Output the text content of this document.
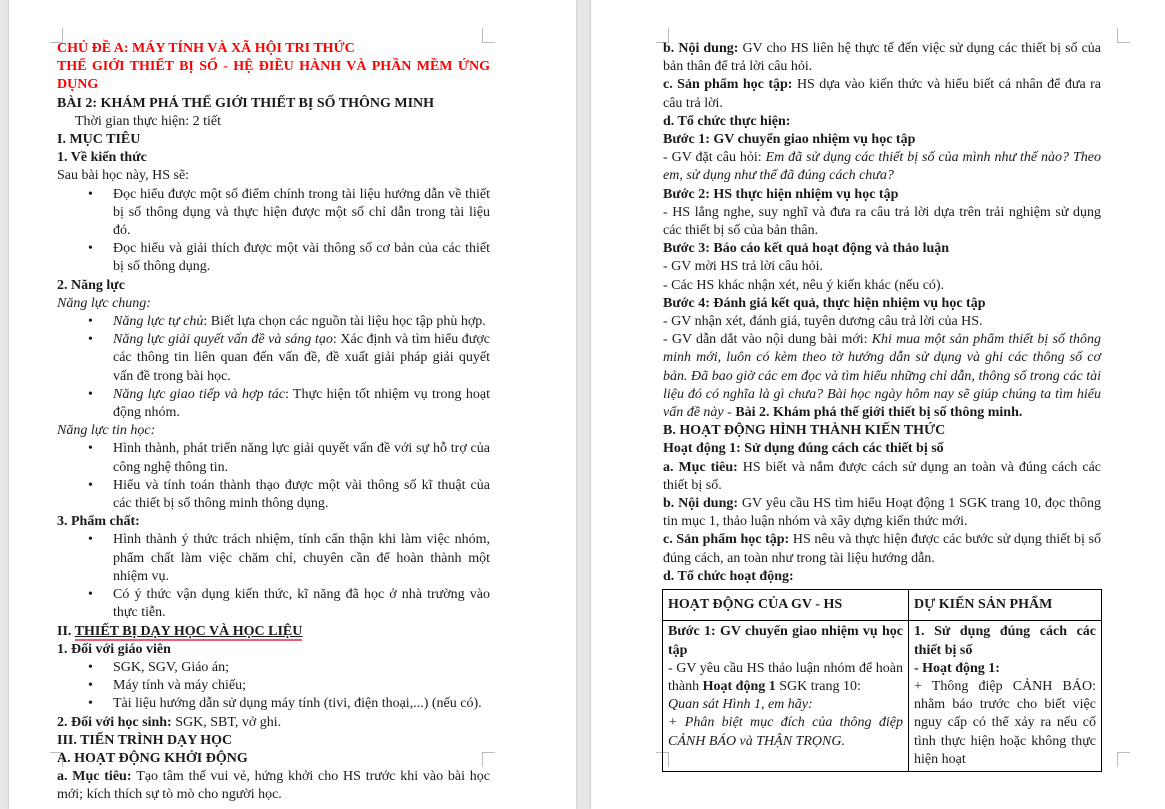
CHỦ ĐỀ A: MÁY TÍNH VÀ XÃ HỘI TRI THỨC
THẾ GIỚI THIẾT BỊ SỐ - HỆ ĐIỀU HÀNH VÀ PHẦN MỀM ỨNG DỤNG
BÀI 2: KHÁM PHÁ THẾ GIỚI THIẾT BỊ SỐ THÔNG MINH
Thời gian thực hiện: 2 tiết
I. MỤC TIÊU
1. Về kiến thức
Sau bài học này, HS sẽ:
• Đọc hiểu được một số điểm chính trong tài liệu hướng dẫn về thiết bị số thông dụng và thực hiện được một số chỉ dẫn trong tài liệu đó.
• Đọc hiểu và giải thích được một vài thông số cơ bản của các thiết bị số thông dụng.
2. Năng lực
Năng lực chung:
• Năng lực tự chủ: Biết lựa chọn các nguồn tài liệu học tập phù hợp.
• Năng lực giải quyết vấn đề và sáng tạo: Xác định và tìm hiểu được các thông tin liên quan đến vấn đề, đề xuất giải pháp giải quyết vấn đề trong bài học.
• Năng lực giao tiếp và hợp tác: Thực hiện tốt nhiệm vụ trong hoạt động nhóm.
Năng lực tin học:
• Hình thành, phát triển năng lực giải quyết vấn đề với sự hỗ trợ của công nghệ thông tin.
• Hiểu và tính toán thành thạo được một vài thông số kĩ thuật của các thiết bị số thông minh thông dụng.
3. Phẩm chất:
• Hình thành ý thức trách nhiệm, tính cẩn thận khi làm việc nhóm, phẩm chất làm việc chăm chỉ, chuyên cần để hoàn thành một nhiệm vụ.
• Có ý thức vận dụng kiến thức, kĩ năng đã học ở nhà trường vào thực tiễn.
II. THIẾT BỊ DẠY HỌC VÀ HỌC LIỆU
1. Đối với giáo viên
• SGK, SGV, Giáo án;
• Máy tính và máy chiếu;
• Tài liệu hướng dẫn sử dụng máy tính (tivi, điện thoại,...) (nếu có).
2. Đối với học sinh: SGK, SBT, vở ghi.
III. TIẾN TRÌNH DẠY HỌC
A. HOẠT ĐỘNG KHỞI ĐỘNG
a. Mục tiêu: Tạo tâm thế vui vẻ, hứng khởi cho HS trước khi vào bài học mới; kích thích sự tò mò cho người học.
b. Nội dung: GV cho HS liên hệ thực tế đến việc sử dụng các thiết bị số của bản thân để trả lời câu hỏi.
c. Sản phẩm học tập: HS dựa vào kiến thức và hiểu biết cá nhân để đưa ra câu trả lời.
d. Tổ chức thực hiện:
Bước 1: GV chuyển giao nhiệm vụ học tập
- GV đặt câu hỏi: Em đã sử dụng các thiết bị số của mình như thế nào? Theo em, sử dụng như thế đã đúng cách chưa?
Bước 2: HS thực hiện nhiệm vụ học tập
- HS lắng nghe, suy nghĩ và đưa ra câu trả lời dựa trên trải nghiệm sử dụng các thiết bị số của bản thân.
Bước 3: Báo cáo kết quả hoạt động và thảo luận
- GV mời HS trả lời câu hỏi.
- Các HS khác nhận xét, nêu ý kiến khác (nếu có).
Bước 4: Đánh giá kết quả, thực hiện nhiệm vụ học tập
- GV nhận xét, đánh giá, tuyên dương câu trả lời của HS.
- GV dẫn dắt vào nội dung bài mới: Khi mua một sản phẩm thiết bị số thông minh mới, luôn có kèm theo tờ hướng dẫn sử dụng và ghi các thông số cơ bản. Đã bao giờ các em đọc và tìm hiểu những chỉ dẫn, thông số trong các tài liệu đó có nghĩa là gì chưa? Bài học ngày hôm nay sẽ giúp chúng ta tìm hiểu vấn đề này - Bài 2. Khám phá thế giới thiết bị số thông minh.
B. HOẠT ĐỘNG HÌNH THÀNH KIẾN THỨC
Hoạt động 1: Sử dụng đúng cách các thiết bị số
a. Mục tiêu: HS biết và nắm được cách sử dụng an toàn và đúng cách các thiết bị số.
b. Nội dung: GV yêu cầu HS tìm hiểu Hoạt động 1 SGK trang 10, đọc thông tin mục 1, thảo luận nhóm và xây dựng kiến thức mới.
c. Sản phẩm học tập: HS nêu và thực hiện được các bước sử dụng thiết bị số đúng cách, an toàn như trong tài liệu hướng dẫn.
d. Tổ chức hoạt động:
HOẠT ĐỘNG CỦA GV - HS	DỰ KIẾN SẢN PHẨM

Bước 1: GV chuyển giao nhiệm vụ học tập
- GV yêu cầu HS thảo luận nhóm để hoàn thành Hoạt động 1 SGK trang 10:
Quan sát Hình 1, em hãy:
+ Phân biệt mục đích của thông điệp CẢNH BÁO và THẬN TRỌNG.

1. Sử dụng đúng cách các thiết bị số
- Hoạt động 1:
+ Thông điệp CẢNH BÁO: nhằm báo trước cho biết việc nguy cấp có thể xảy ra nếu cố tình thực hiện hoặc không thực hiện hoạt
